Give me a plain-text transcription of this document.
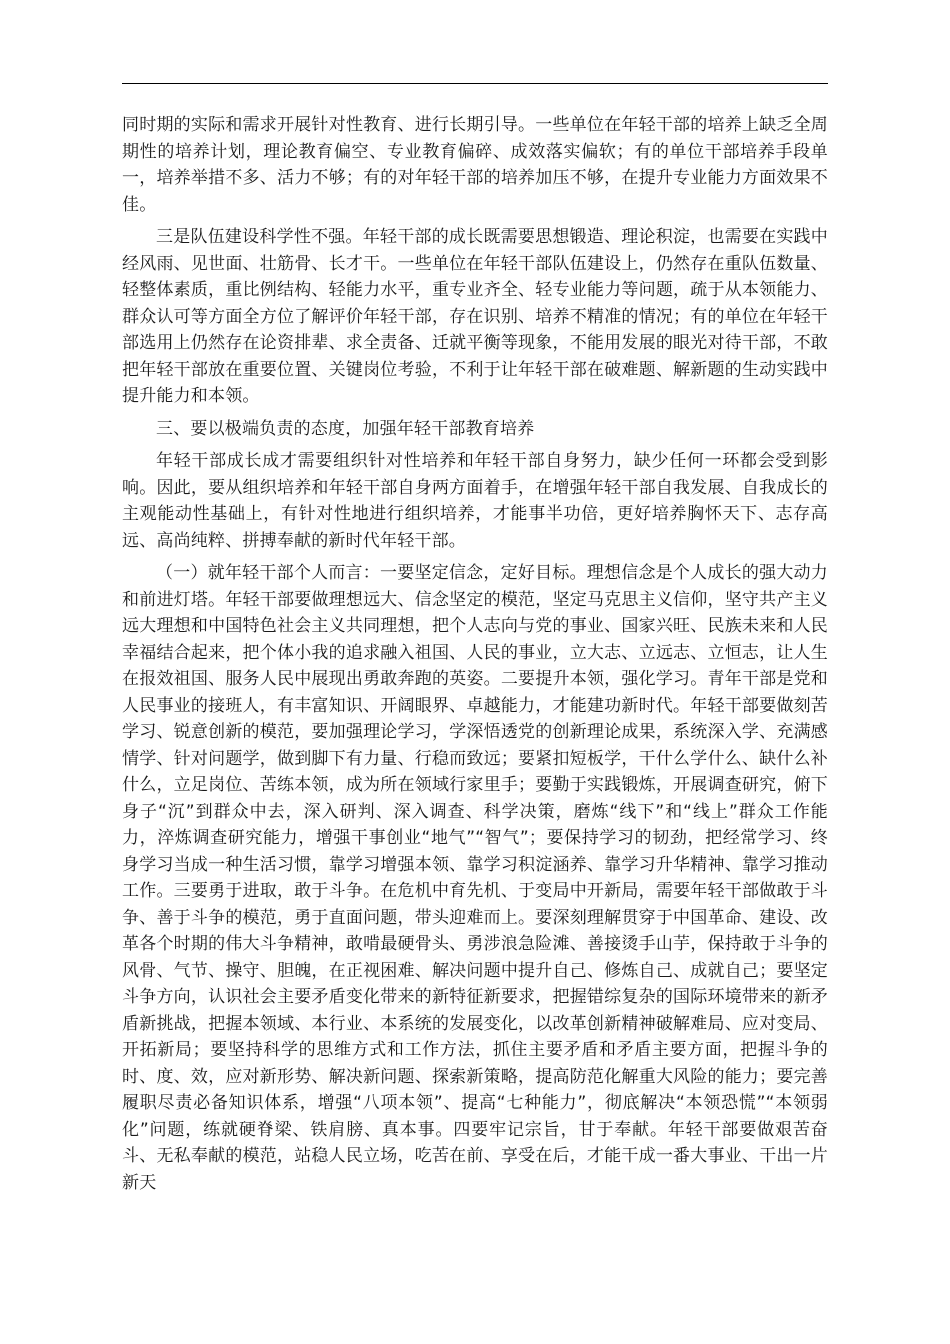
同时期的实际和需求开展针对性教育、进行长期引导。一些单位在年轻干部的培养上缺乏全周期性的培养计划，理论教育偏空、专业教育偏碎、成效落实偏软；有的单位干部培养手段单一，培养举措不多、活力不够；有的对年轻干部的培养加压不够，在提升专业能力方面效果不佳。

三是队伍建设科学性不强。年轻干部的成长既需要思想锻造、理论积淀，也需要在实践中经风雨、见世面、壮筋骨、长才干。一些单位在年轻干部队伍建设上，仍然存在重队伍数量、轻整体素质，重比例结构、轻能力水平，重专业齐全、轻专业能力等问题，疏于从本领能力、群众认可等方面全方位了解评价年轻干部，存在识别、培养不精准的情况；有的单位在年轻干部选用上仍然存在论资排辈、求全责备、迁就平衡等现象，不能用发展的眼光对待干部，不敢把年轻干部放在重要位置、关键岗位考验，不利于让年轻干部在破难题、解新题的生动实践中提升能力和本领。

三、要以极端负责的态度，加强年轻干部教育培养

年轻干部成长成才需要组织针对性培养和年轻干部自身努力，缺少任何一环都会受到影响。因此，要从组织培养和年轻干部自身两方面着手，在增强年轻干部自我发展、自我成长的主观能动性基础上，有针对性地进行组织培养，才能事半功倍，更好培养胸怀天下、志存高远、高尚纯粹、拼搏奉献的新时代年轻干部。

（一）就年轻干部个人而言：一要坚定信念，定好目标。理想信念是个人成长的强大动力和前进灯塔。年轻干部要做理想远大、信念坚定的模范，坚定马克思主义信仰，坚守共产主义远大理想和中国特色社会主义共同理想，把个人志向与党的事业、国家兴旺、民族未来和人民幸福结合起来，把个体小我的追求融入祖国、人民的事业，立大志、立远志、立恒志，让人生在报效祖国、服务人民中展现出勇敢奔跑的英姿。二要提升本领，强化学习。青年干部是党和人民事业的接班人，有丰富知识、开阔眼界、卓越能力，才能建功新时代。年轻干部要做刻苦学习、锐意创新的模范，要加强理论学习，学深悟透党的创新理论成果，系统深入学、充满感情学、针对问题学，做到脚下有力量、行稳而致远；要紧扣短板学，干什么学什么、缺什么补什么，立足岗位、苦练本领，成为所在领域行家里手；要勤于实践锻炼，开展调查研究，俯下身子“沉”到群众中去，深入研判、深入调查、科学决策，磨炼“线下”和“线上”群众工作能力，淬炼调查研究能力，增强干事创业“地气”“智气”；要保持学习的韧劲，把经常学习、终身学习当成一种生活习惯，靠学习增强本领、靠学习积淀涵养、靠学习升华精神、靠学习推动工作。三要勇于进取，敢于斗争。在危机中育先机、于变局中开新局，需要年轻干部做敢于斗争、善于斗争的模范，勇于直面问题，带头迎难而上。要深刻理解贯穿于中国革命、建设、改革各个时期的伟大斗争精神，敢啃最硬骨头、勇涉浪急险滩、善接烫手山芋，保持敢于斗争的风骨、气节、操守、胆魄，在正视困难、解决问题中提升自己、修炼自己、成就自己；要坚定斗争方向，认识社会主要矛盾变化带来的新特征新要求，把握错综复杂的国际环境带来的新矛盾新挑战，把握本领域、本行业、本系统的发展变化，以改革创新精神破解难局、应对变局、开拓新局；要坚持科学的思维方式和工作方法，抓住主要矛盾和矛盾主要方面，把握斗争的时、度、效，应对新形势、解决新问题、探索新策略，提高防范化解重大风险的能力；要完善履职尽责必备知识体系，增强“八项本领”、提高“七种能力”，彻底解决“本领恐慌”“本领弱化”问题，练就硬脊梁、铁肩膀、真本事。四要牢记宗旨，甘于奉献。年轻干部要做艰苦奋斗、无私奉献的模范，站稳人民立场，吃苦在前、享受在后，才能干成一番大事业、干出一片新天
